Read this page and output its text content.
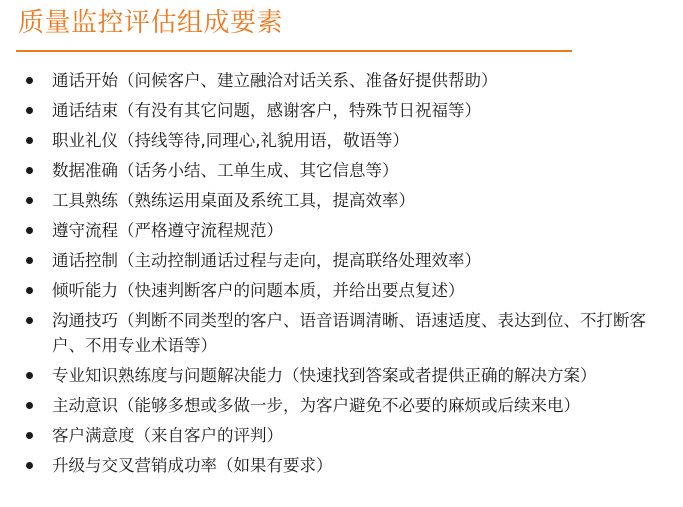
质量监控评估组成要素
通话开始（问候客户、建立融洽对话关系、准备好提供帮助）
通话结束（有没有其它问题，感谢客户，特殊节日祝福等）
职业礼仪（持线等待,同理心,礼貌用语，敬语等）
数据准确（话务小结、工单生成、其它信息等）
工具熟练（熟练运用桌面及系统工具，提高效率）
遵守流程（严格遵守流程规范）
通话控制（主动控制通话过程与走向，提高联络处理效率）
倾听能力（快速判断客户的问题本质，并给出要点复述）
沟通技巧（判断不同类型的客户、语音语调清晰、语速适度、表达到位、不打断客户、不用专业术语等）
专业知识熟练度与问题解决能力（快速找到答案或者提供正确的解决方案）
主动意识（能够多想或多做一步，为客户避免不必要的麻烦或后续来电）
客户满意度（来自客户的评判）
升级与交叉营销成功率（如果有要求）
